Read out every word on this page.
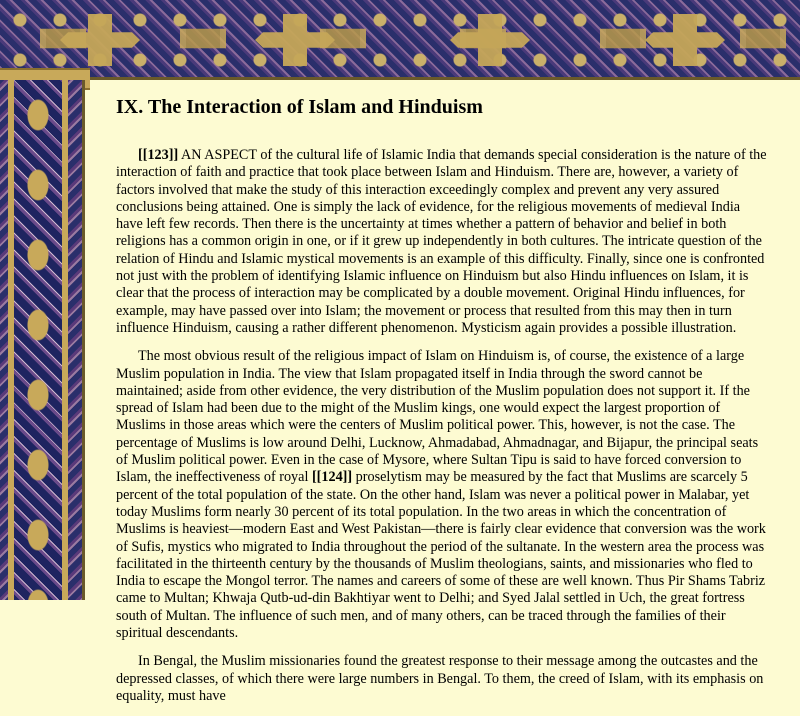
IX. The Interaction of Islam and Hinduism

[[123]] AN ASPECT of the cultural life of Islamic India that demands special consideration is the nature of the interaction of faith and practice that took place between Islam and Hinduism. There are, however, a variety of factors involved that make the study of this interaction exceedingly complex and prevent any very assured conclusions being attained. One is simply the lack of evidence, for the religious movements of medieval India have left few records. Then there is the uncertainty at times whether a pattern of behavior and belief in both religions has a common origin in one, or if it grew up independently in both cultures. The intricate question of the relation of Hindu and Islamic mystical movements is an example of this difficulty. Finally, since one is confronted not just with the problem of identifying Islamic influence on Hinduism but also Hindu influences on Islam, it is clear that the process of interaction may be complicated by a double movement. Original Hindu influences, for example, may have passed over into Islam; the movement or process that resulted from this may then in turn influence Hinduism, causing a rather different phenomenon. Mysticism again provides a possible illustration.

The most obvious result of the religious impact of Islam on Hinduism is, of course, the existence of a large Muslim population in India. The view that Islam propagated itself in India through the sword cannot be maintained; aside from other evidence, the very distribution of the Muslim population does not support it. If the spread of Islam had been due to the might of the Muslim kings, one would expect the largest proportion of Muslims in those areas which were the centers of Muslim political power. This, however, is not the case. The percentage of Muslims is low around Delhi, Lucknow, Ahmadabad, Ahmadnagar, and Bijapur, the principal seats of Muslim political power. Even in the case of Mysore, where Sultan Tipu is said to have forced conversion to Islam, the ineffectiveness of royal [[124]] proselytism may be measured by the fact that Muslims are scarcely 5 percent of the total population of the state. On the other hand, Islam was never a political power in Malabar, yet today Muslims form nearly 30 percent of its total population. In the two areas in which the concentration of Muslims is heaviest—modern East and West Pakistan—there is fairly clear evidence that conversion was the work of Sufis, mystics who migrated to India throughout the period of the sultanate. In the western area the process was facilitated in the thirteenth century by the thousands of Muslim theologians, saints, and missionaries who fled to India to escape the Mongol terror. The names and careers of some of these are well known. Thus Pir Shams Tabriz came to Multan; Khwaja Qutb-ud-din Bakhtiyar went to Delhi; and Syed Jalal settled in Uch, the great fortress south of Multan. The influence of such men, and of many others, can be traced through the families of their spiritual descendants.

In Bengal, the Muslim missionaries found the greatest response to their message among the outcastes and the depressed classes, of which there were large numbers in Bengal. To them, the creed of Islam, with its emphasis on equality, must have
